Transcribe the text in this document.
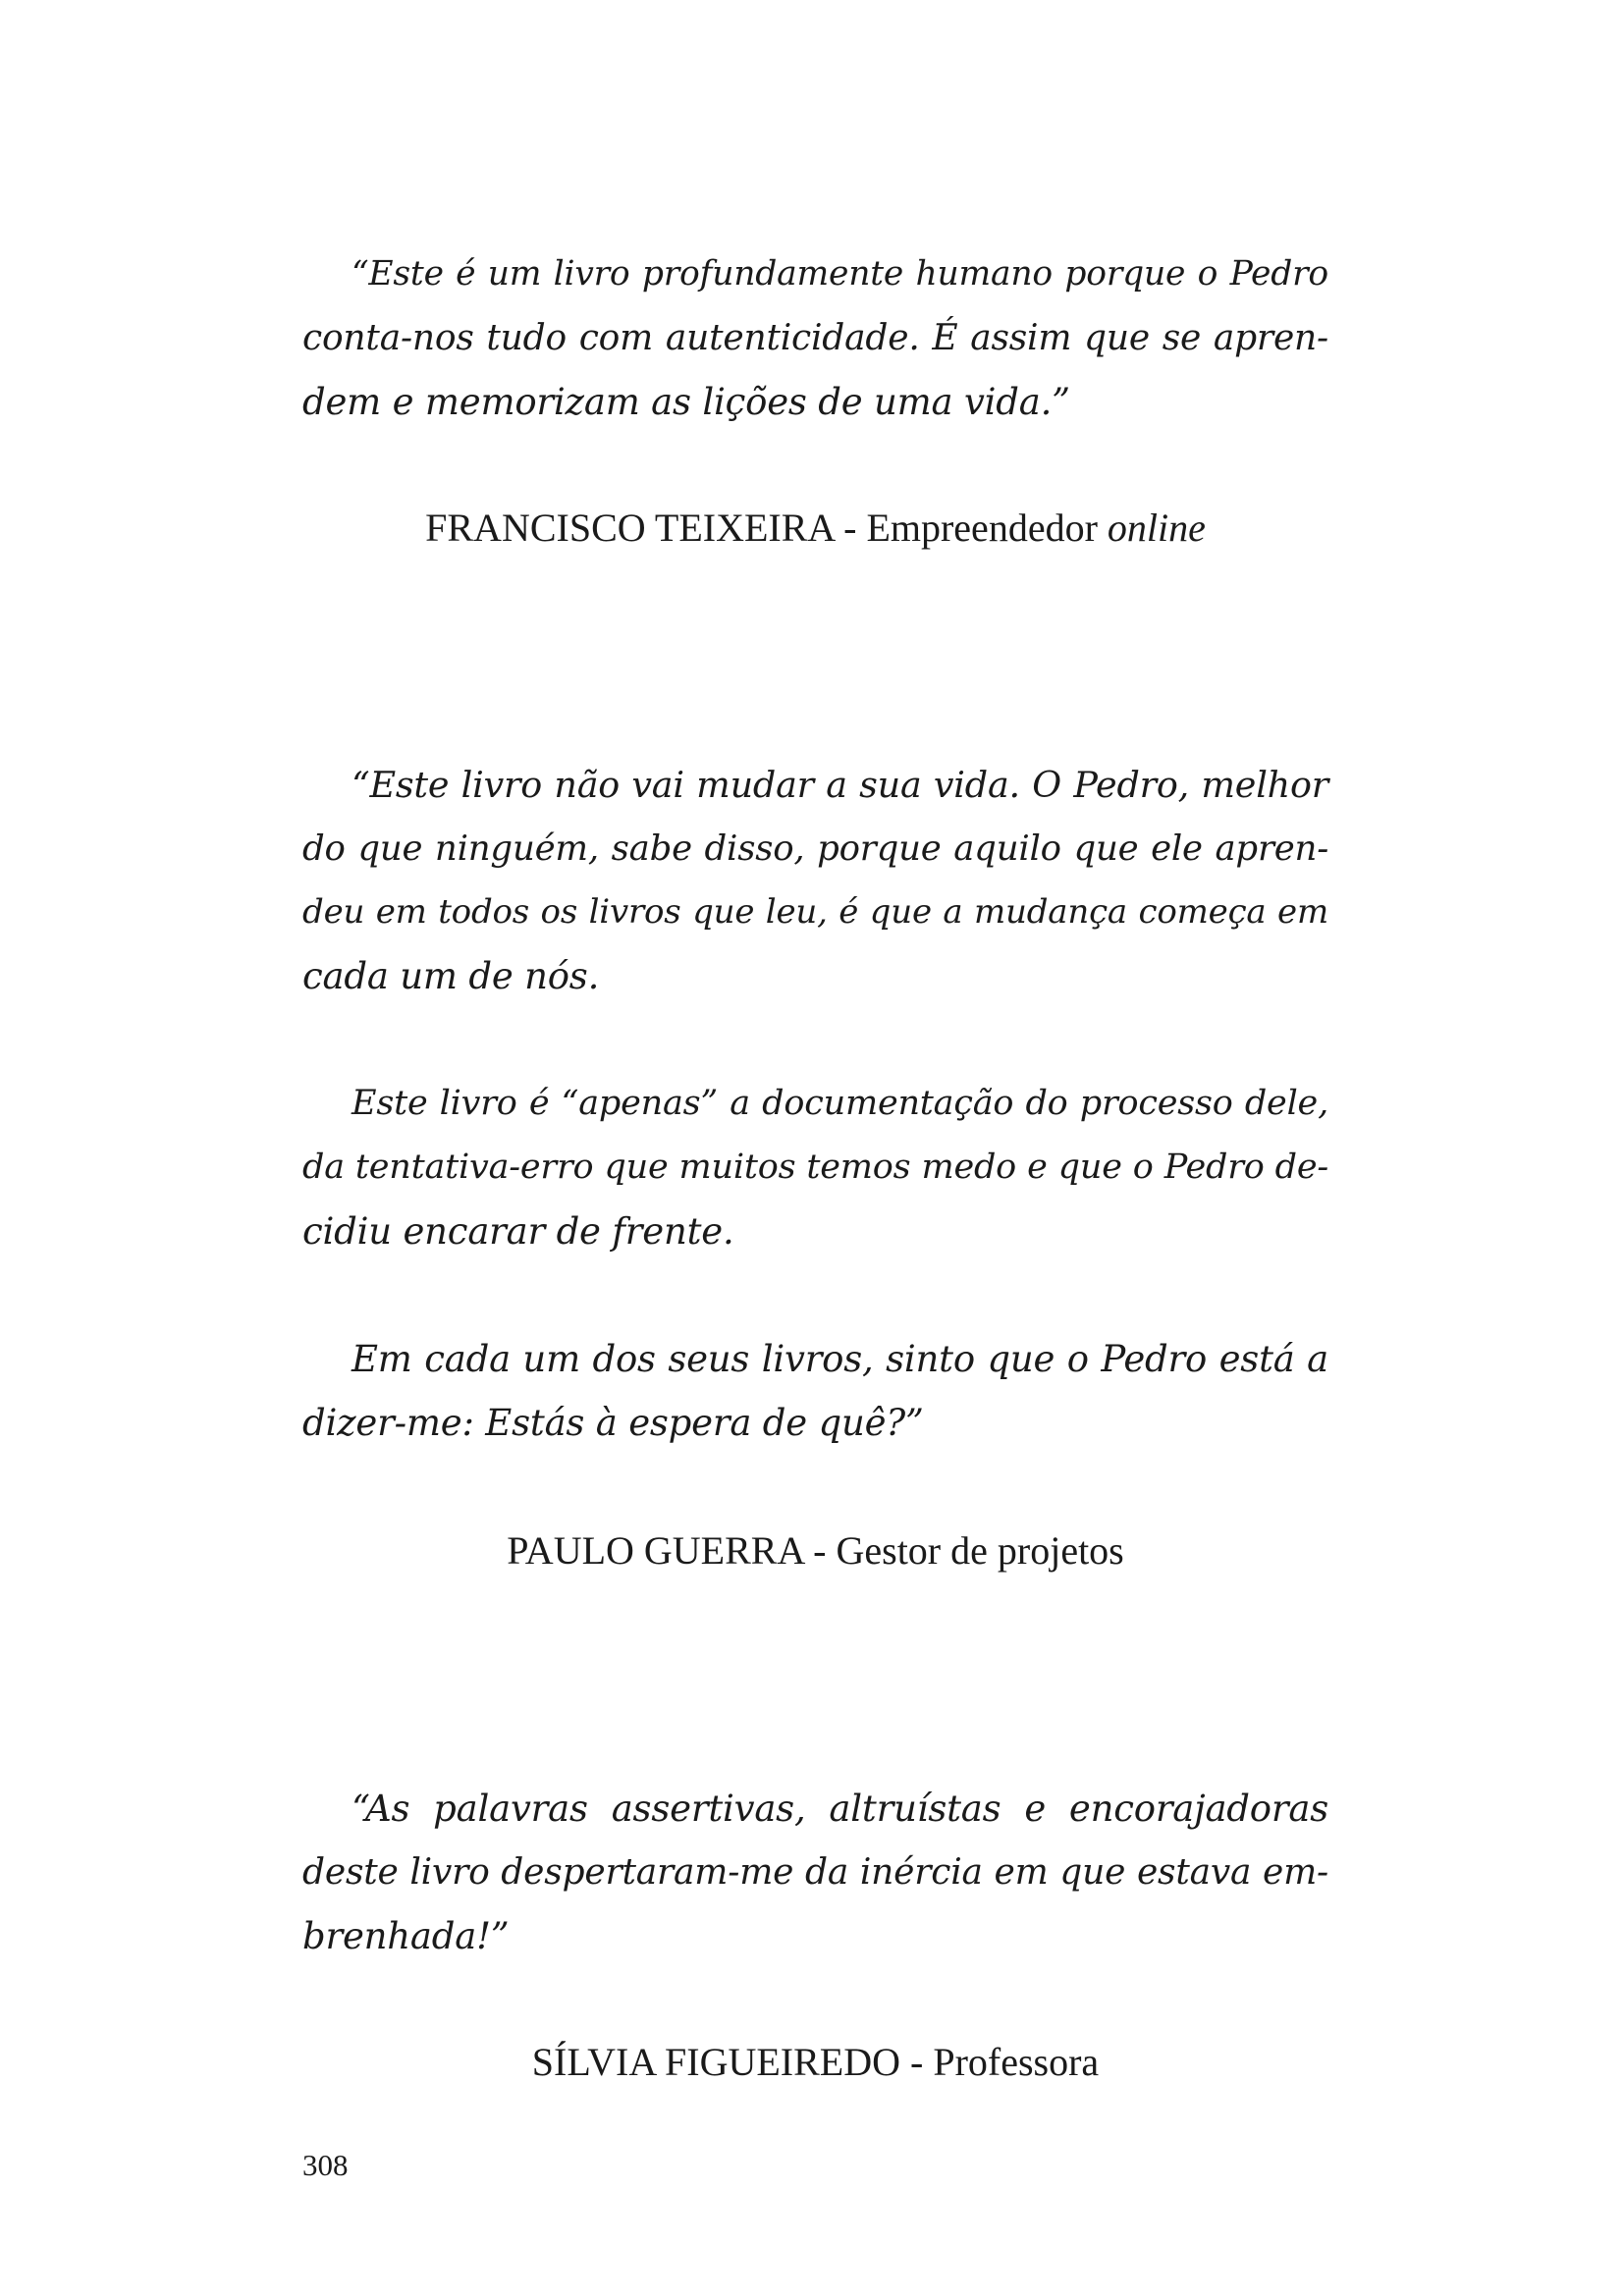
“Este é um livro profundamente humano porque o Pedro
conta-nos tudo com autenticidade. É assim que se apren-
dem e memorizam as lições de uma vida.”
FRANCISCO TEIXEIRA - Empreendedor online
“Este livro não vai mudar a sua vida. O Pedro, melhor
do que ninguém, sabe disso, porque aquilo que ele apren-
deu em todos os livros que leu, é que a mudança começa em
cada um de nós.
Este livro é “apenas” a documentação do processo dele,
da tentativa-erro que muitos temos medo e que o Pedro de-
cidiu encarar de frente.
Em cada um dos seus livros, sinto que o Pedro está a
dizer-me: Estás à espera de quê?”
PAULO GUERRA - Gestor de projetos
“As palavras assertivas, altruístas e encorajadoras
deste livro despertaram-me da inércia em que estava em-
brenhada!”
SÍLVIA FIGUEIREDO - Professora
308
